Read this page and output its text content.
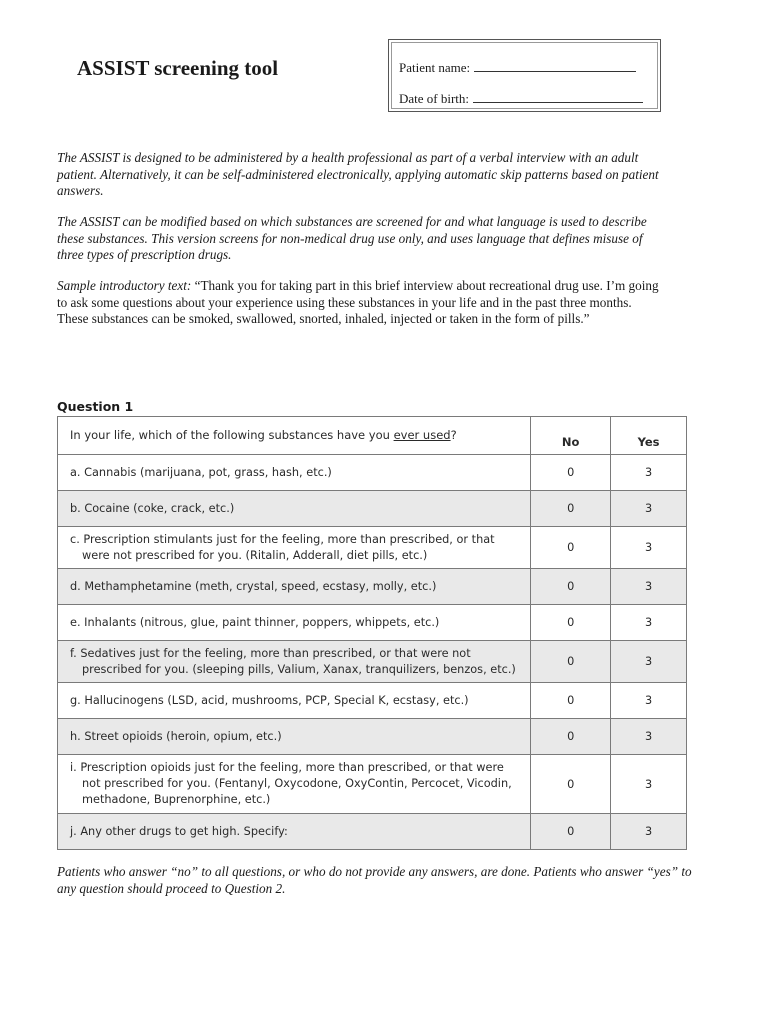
ASSIST screening tool	Patient name:
Date of birth:

The ASSIST is designed to be administered by a health professional as part of a verbal interview with an adult patient. Alternatively, it can be self-administered electronically, applying automatic skip patterns based on patient answers.

The ASSIST can be modified based on which substances are screened for and what language is used to describe these substances. This version screens for non-medical drug use only, and uses language that defines misuse of three types of prescription drugs.

Sample introductory text: “Thank you for taking part in this brief interview about recreational drug use. I’m going to ask some questions about your experience using these substances in your life and in the past three months. These substances can be smoked, swallowed, snorted, inhaled, injected or taken in the form of pills.”

Question 1
In your life, which of the following substances have you ever used?	No	Yes
a. Cannabis (marijuana, pot, grass, hash, etc.)	0	3
b. Cocaine (coke, crack, etc.)	0	3

c. Prescription stimulants just for the feeling, more than prescribed, or that were not prescribed for you. (Ritalin, Adderall, diet pills, etc.)	0	3
d. Methamphetamine (meth, crystal, speed, ecstasy, molly, etc.)	0	3
e. Inhalants (nitrous, glue, paint thinner, poppers, whippets, etc.)	0	3

f. Sedatives just for the feeling, more than prescribed, or that were not prescribed for you. (sleeping pills, Valium, Xanax, tranquilizers, benzos, etc.)	0	3
g. Hallucinogens (LSD, acid, mushrooms, PCP, Special K, ecstasy, etc.)	0	3
h. Street opioids (heroin, opium, etc.)	0	3

i. Prescription opioids just for the feeling, more than prescribed, or that were not prescribed for you. (Fentanyl, Oxycodone, OxyContin, Percocet, Vicodin, methadone, Buprenorphine, etc.)	0	3
j. Any other drugs to get high. Specify:	0	3

Patients who answer “no” to all questions, or who do not provide any answers, are done. Patients who answer “yes” to any question should proceed to Question 2.
